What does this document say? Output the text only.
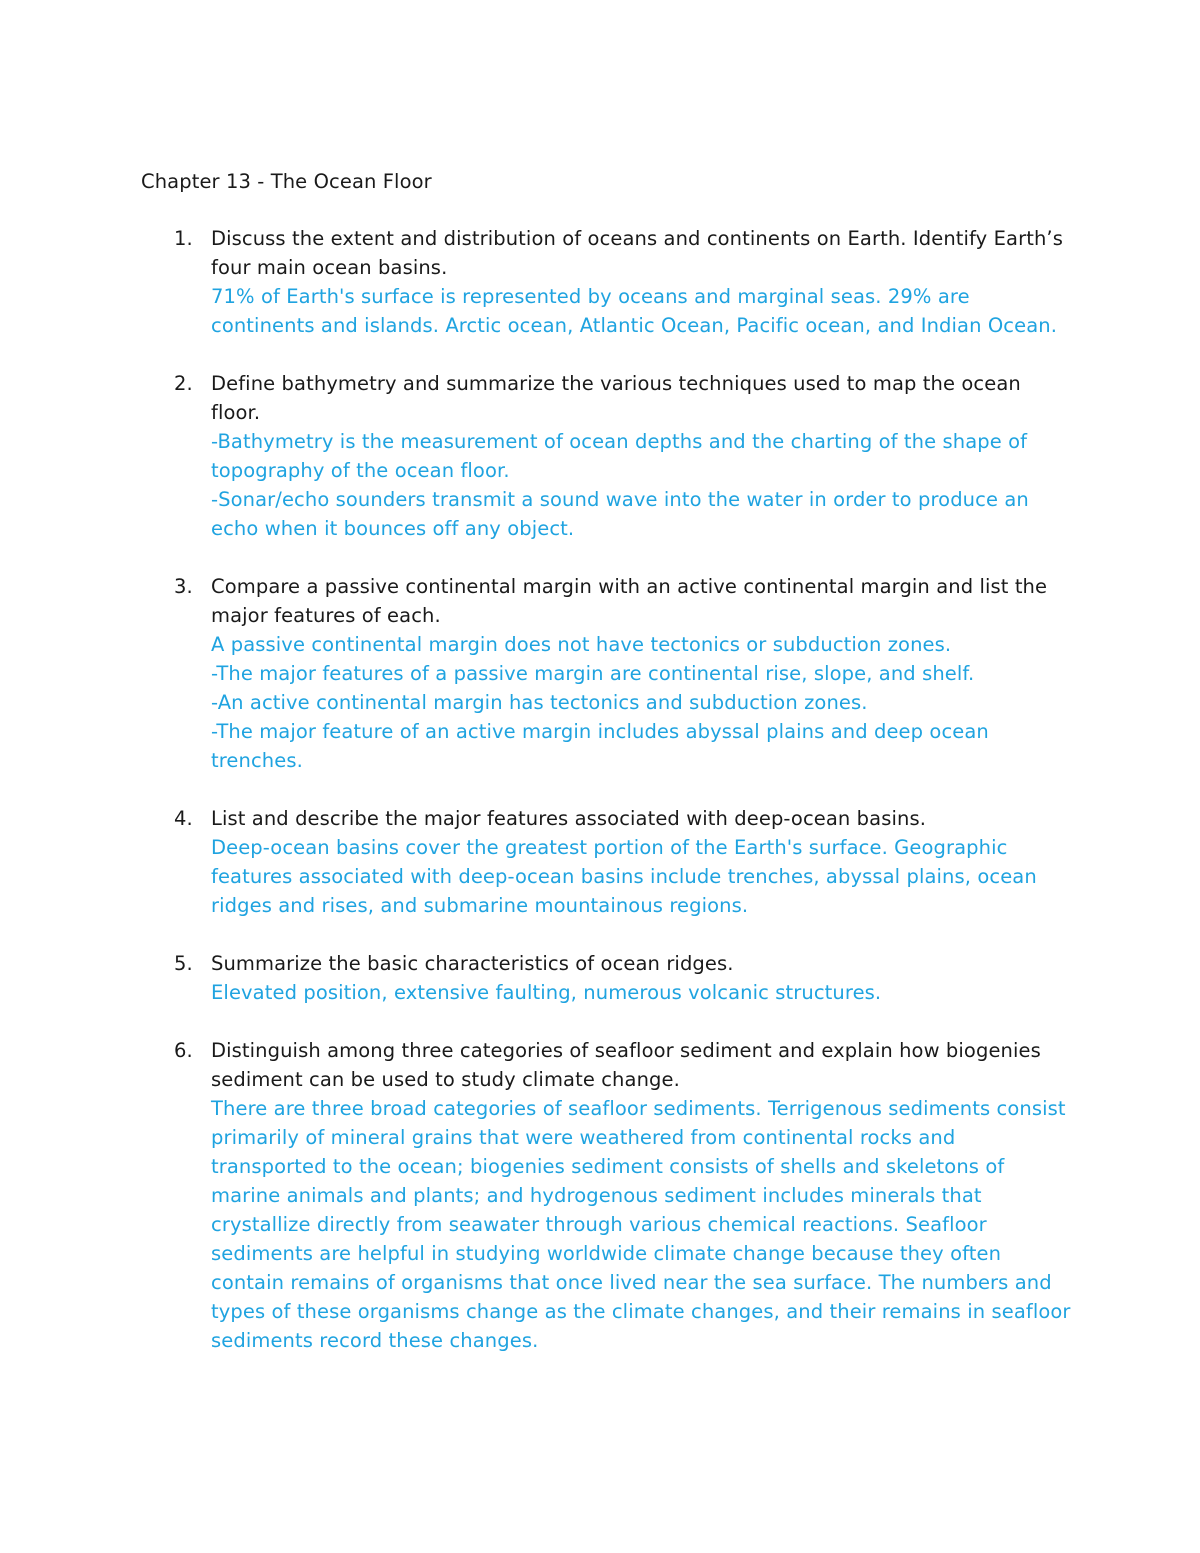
Chapter 13 - The Ocean Floor
1. Discuss the extent and distribution of oceans and continents on Earth. Identify Earth’s four main ocean basins.
71% of Earth's surface is represented by oceans and marginal seas. 29% are continents and islands. Arctic ocean, Atlantic Ocean, Pacific ocean, and Indian Ocean.
2. Define bathymetry and summarize the various techniques used to map the ocean floor.
-Bathymetry is the measurement of ocean depths and the charting of the shape of topography of the ocean floor.
-Sonar/echo sounders transmit a sound wave into the water in order to produce an echo when it bounces off any object.
3. Compare a passive continental margin with an active continental margin and list the major features of each.
A passive continental margin does not have tectonics or subduction zones.
-The major features of a passive margin are continental rise, slope, and shelf.
-An active continental margin has tectonics and subduction zones.
-The major feature of an active margin includes abyssal plains and deep ocean trenches.
4. List and describe the major features associated with deep-ocean basins.
Deep-ocean basins cover the greatest portion of the Earth's surface. Geographic features associated with deep-ocean basins include trenches, abyssal plains, ocean ridges and rises, and submarine mountainous regions.
5. Summarize the basic characteristics of ocean ridges.
Elevated position, extensive faulting, numerous volcanic structures.
6. Distinguish among three categories of seafloor sediment and explain how biogenies sediment can be used to study climate change.
There are three broad categories of seafloor sediments. Terrigenous sediments consist primarily of mineral grains that were weathered from continental rocks and transported to the ocean; biogenies sediment consists of shells and skeletons of marine animals and plants; and hydrogenous sediment includes minerals that crystallize directly from seawater through various chemical reactions. Seafloor sediments are helpful in studying worldwide climate change because they often contain remains of organisms that once lived near the sea surface. The numbers and types of these organisms change as the climate changes, and their remains in seafloor sediments record these changes.
